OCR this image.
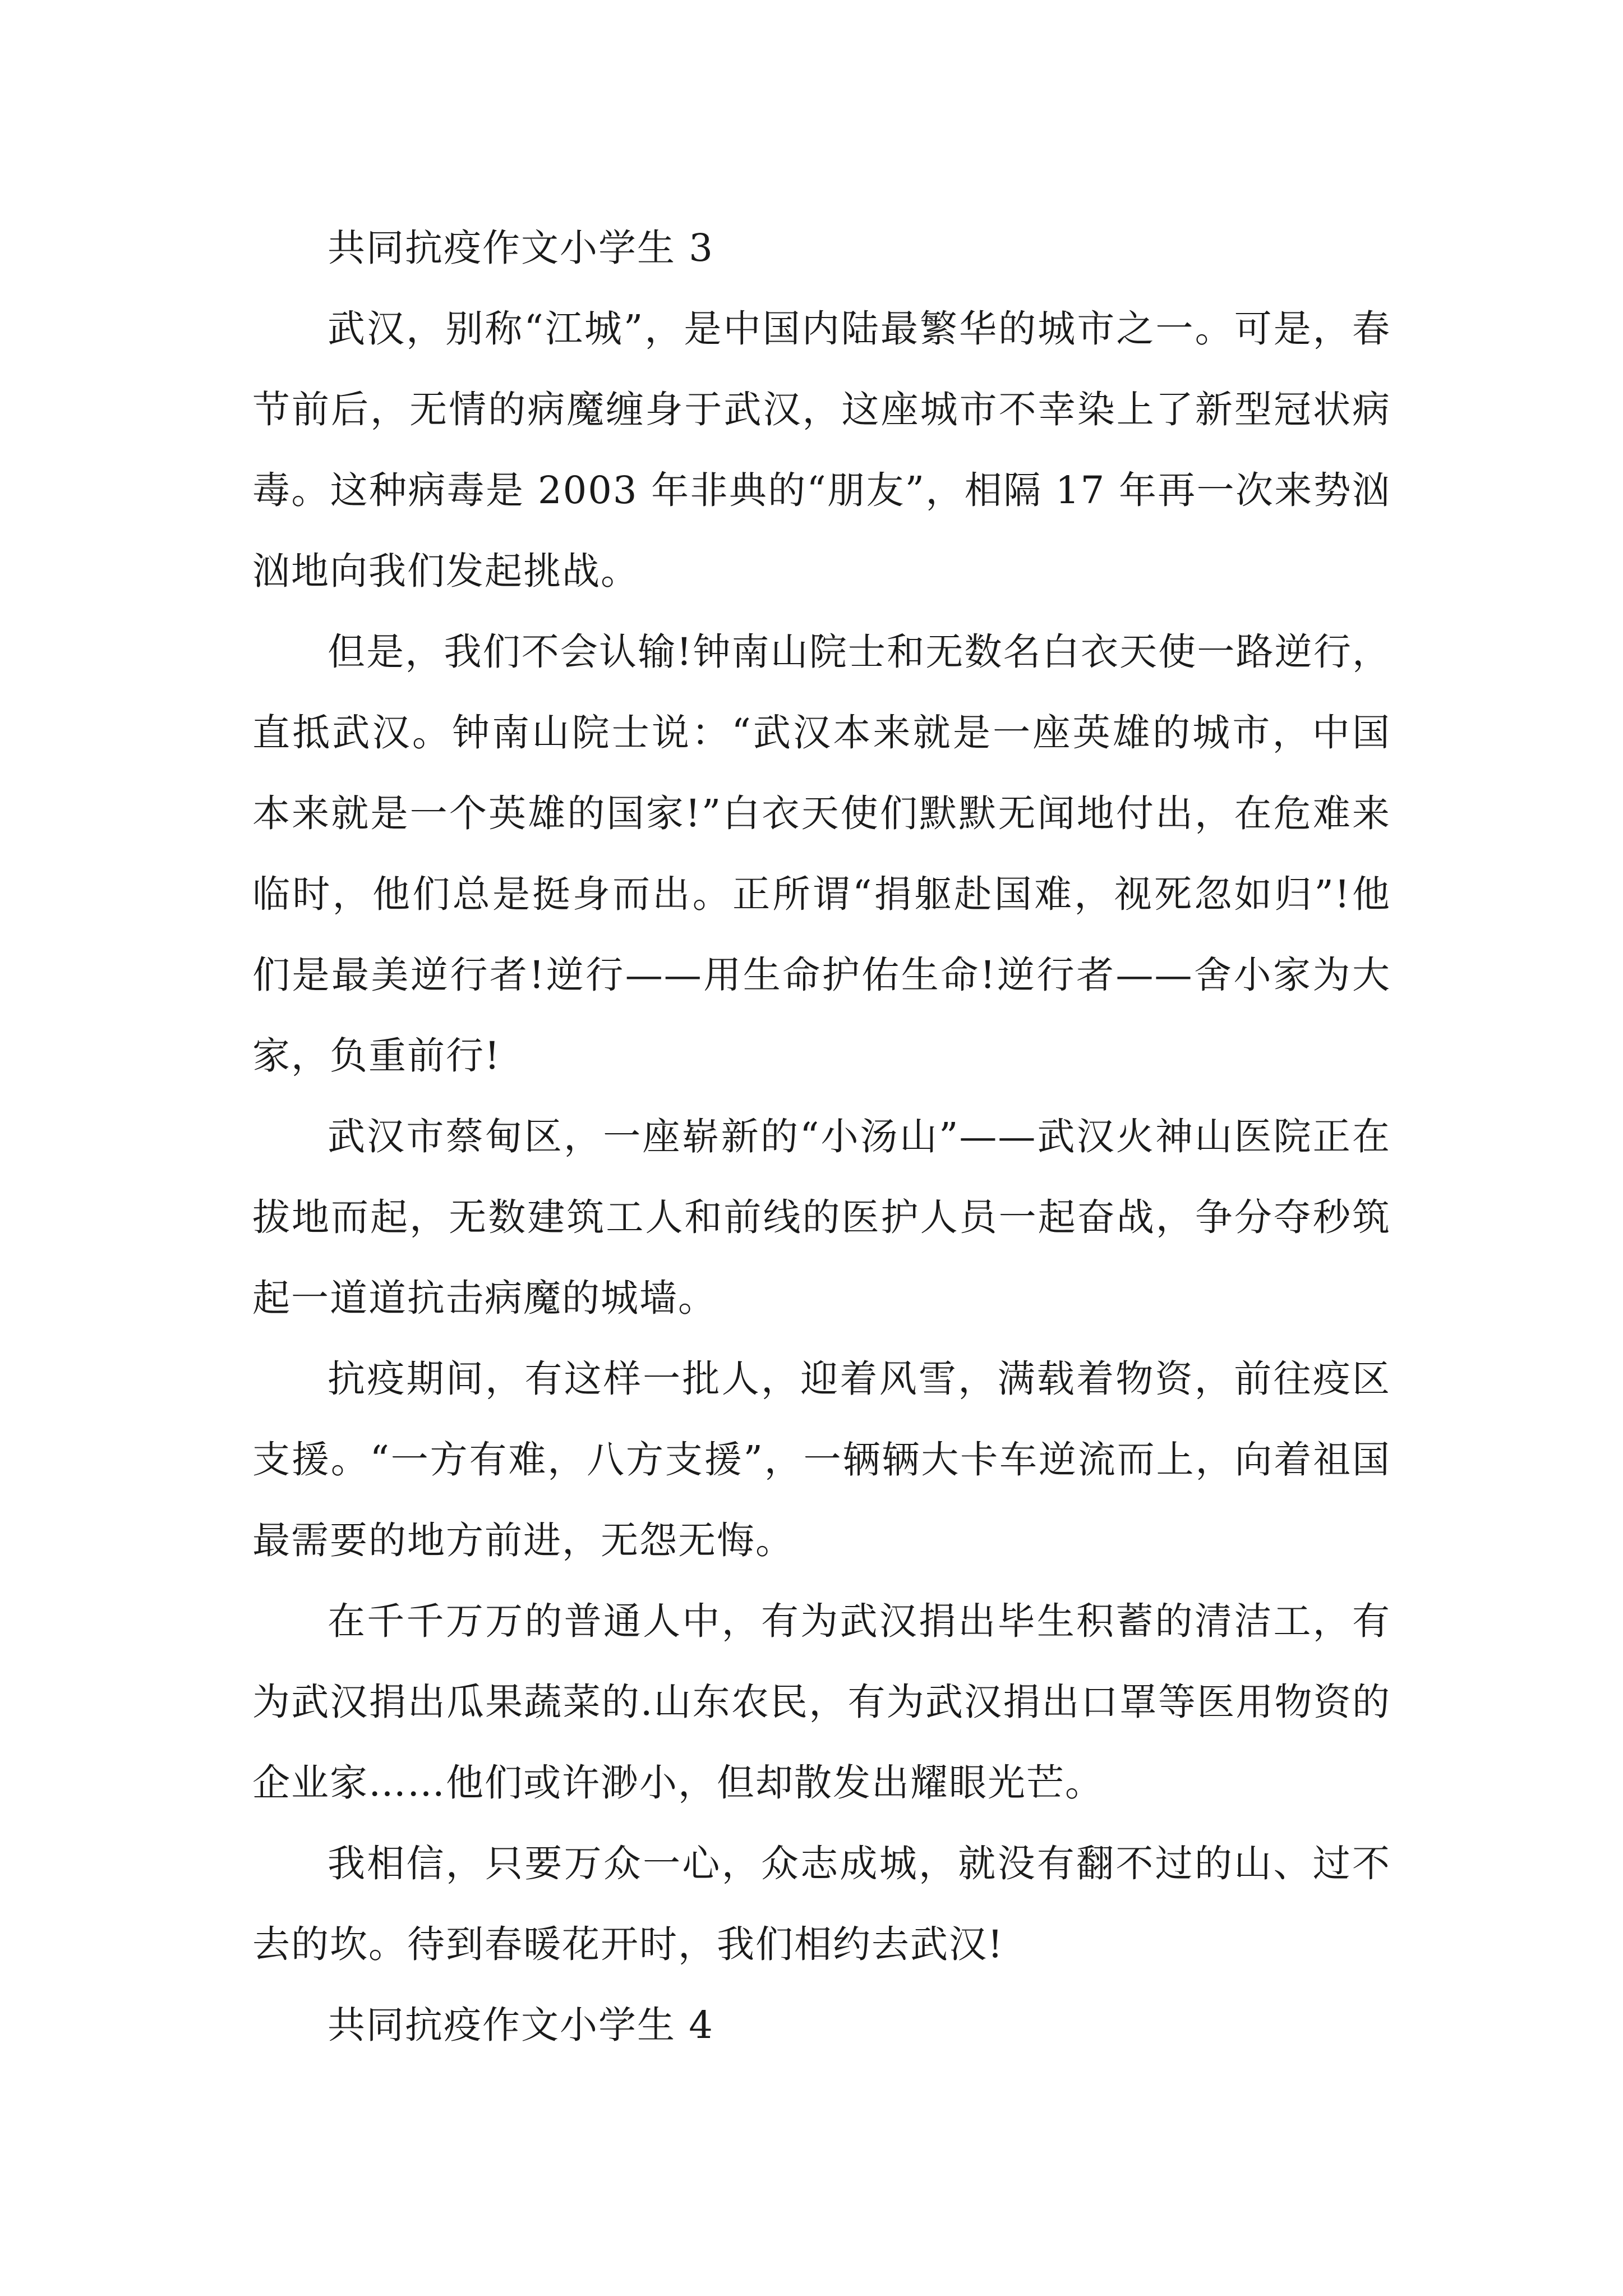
共同抗疫作文小学生 3

武汉，别称“江城”，是中国内陆最繁华的城市之一。可是，春节前后，无情的病魔缠身于武汉，这座城市不幸染上了新型冠状病毒。这种病毒是 2003 年非典的“朋友”，相隔 17 年再一次来势汹汹地向我们发起挑战。

但是，我们不会认输!钟南山院士和无数名白衣天使一路逆行，直抵武汉。钟南山院士说：“武汉本来就是一座英雄的城市，中国本来就是一个英雄的国家!”白衣天使们默默无闻地付出，在危难来临时，他们总是挺身而出。正所谓“捐躯赴国难，视死忽如归”!他们是最美逆行者!逆行——用生命护佑生命!逆行者——舍小家为大家，负重前行!

武汉市蔡甸区，一座崭新的“小汤山”——武汉火神山医院正在拔地而起，无数建筑工人和前线的医护人员一起奋战，争分夺秒筑起一道道抗击病魔的城墙。

抗疫期间，有这样一批人，迎着风雪，满载着物资，前往疫区支援。“一方有难，八方支援”，一辆辆大卡车逆流而上，向着祖国最需要的地方前进，无怨无悔。

在千千万万的普通人中，有为武汉捐出毕生积蓄的清洁工，有为武汉捐出瓜果蔬菜的.山东农民，有为武汉捐出口罩等医用物资的企业家……他们或许渺小，但却散发出耀眼光芒。

我相信，只要万众一心，众志成城，就没有翻不过的山、过不去的坎。待到春暖花开时，我们相约去武汉!

共同抗疫作文小学生 4
